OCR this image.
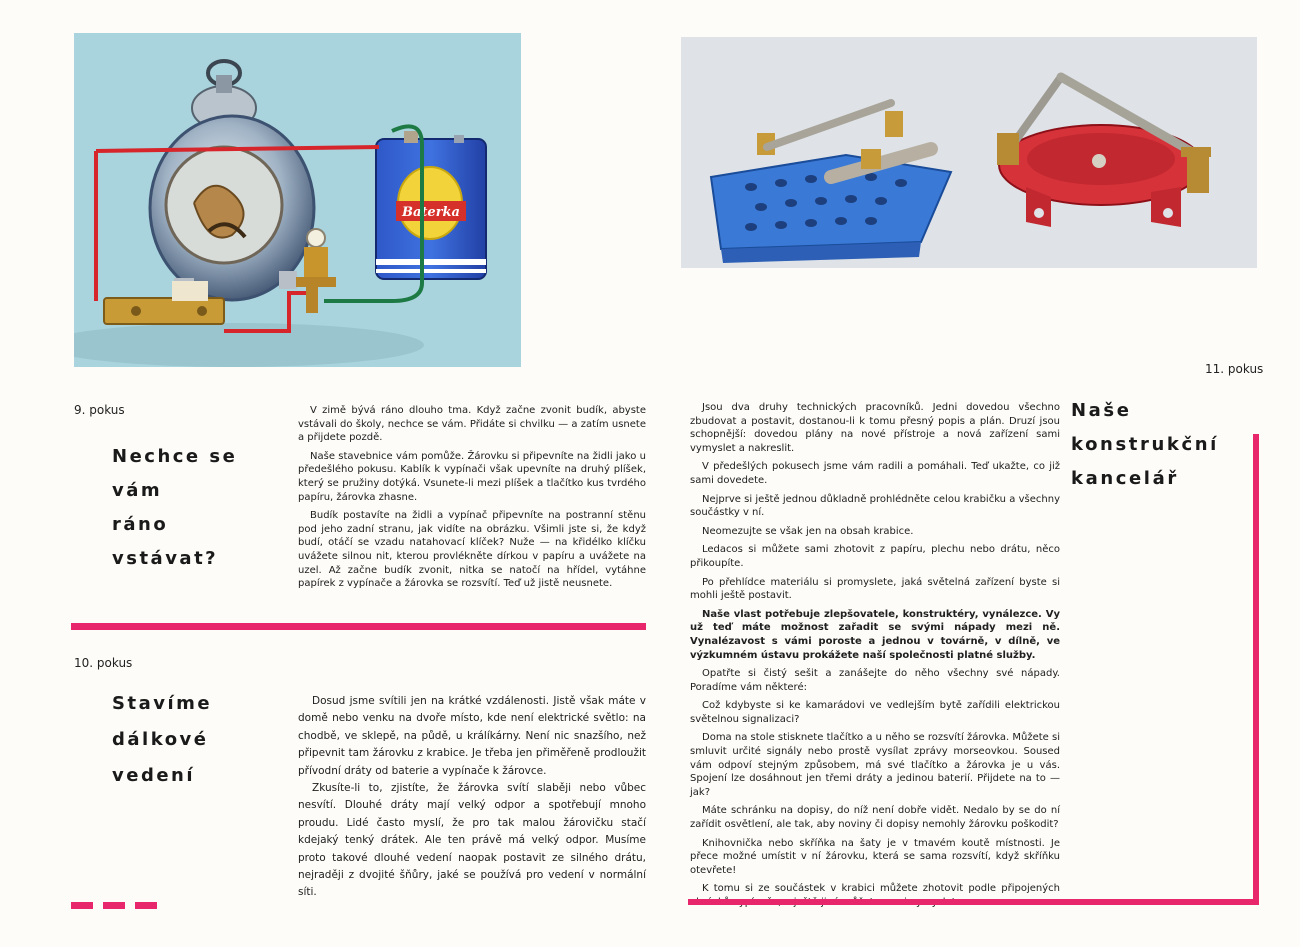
Baterka
9. pokus
Nechce se vám
ráno vstávat?

V zimě bývá ráno dlouho tma. Když začne zvonit budík, abyste vstávali do školy, nechce se vám. Přidáte si chvilku — a zatím usnete a přijdete pozdě.

Naše stavebnice vám pomůže. Žárovku si připevníte na židli jako u předešlého pokusu. Kablík k vypínači však upevníte na druhý plíšek, který se pružiny dotýká. Vsunete-li mezi plíšek a tlačítko kus tvrdého papíru, žárovka zhasne.

Budík postavíte na židli a vypínač připevníte na postranní stěnu pod jeho zadní stranu, jak vidíte na obrázku. Všimli jste si, že když budí, otáčí se vzadu natahovací klíček? Nuže — na křidélko klíčku uvážete silnou nit, kterou provlékněte dírkou v papíru a uvážete na uzel. Až začne budík zvonit, nitka se natočí na hřídel, vytáhne papírek z vypínače a žárovka se rozsvítí. Teď už jistě neusnete.

10. pokus
Stavíme
dálkové
vedení

Dosud jsme svítili jen na krátké vzdálenosti. Jistě však máte v domě nebo venku na dvoře místo, kde není elektrické světlo: na chodbě, ve sklepě, na půdě, u králíkárny. Není nic snazšího, než připevnit tam žárovku z krabice. Je třeba jen přiměřeně prodloužit přívodní dráty od baterie a vypínače k žárovce.

Zkusíte-li to, zjistíte, že žárovka svítí slaběji nebo vůbec nesvítí. Dlouhé dráty mají velký odpor a spotřebují mnoho proudu. Lidé často myslí, že pro tak malou žárovičku stačí kdejaký tenký drátek. Ale ten právě má velký odpor. Musíme proto takové dlouhé vedení naopak postavit ze silného drátu, nejraději z dvojité šňůry, jaké se používá pro vedení v normální síti.

11. pokus
Naše konstrukční
kancelář

Jsou dva druhy technických pracovníků. Jedni dovedou všechno zbudovat a postavit, dostanou-li k tomu přesný popis a plán. Druzí jsou schopnější: dovedou plány na nové přístroje a nová zařízení sami vymyslet a nakreslit.

V předešlých pokusech jsme vám radili a pomáhali. Teď ukažte, co již sami dovedete.

Nejprve si ještě jednou důkladně prohlédněte celou krabičku a všechny součástky v ní.

Neomezujte se však jen na obsah krabice.

Ledacos si můžete sami zhotovit z papíru, plechu nebo drátu, něco přikoupíte.

Po přehlídce materiálu si promyslete, jaká světelná zařízení byste si mohli ještě postavit.

Naše vlast potřebuje zlepšovatele, konstruktéry, vynálezce. Vy už teď máte možnost zařadit se svými nápady mezi ně. Vynalézavost s vámi poroste a jednou v továrně, v dílně, ve výzkumném ústavu prokážete naší společnosti platné služby.

Opatřte si čistý sešit a zanášejte do něho všechny své nápady. Poradíme vám některé:

Což kdybyste si ke kamarádovi ve vedlejším bytě zařídili elektrickou světelnou signalizaci?

Doma na stole stisknete tlačítko a u něho se rozsvítí žárovka. Můžete si smluvit určité signály nebo prostě vysílat zprávy morseovkou. Soused vám odpoví stejným způsobem, má své tlačítko a žárovka je u vás. Spojení lze dosáhnout jen třemi dráty a jedinou baterií. Přijdete na to — jak?

Máte schránku na dopisy, do níž není dobře vidět. Nedalo by se do ní zařídit osvětlení, ale tak, aby noviny či dopisy nemohly žárovku poškodit?

Knihovnička nebo skříňka na šaty je v tmavém koutě místnosti. Je přece možné umístit v ní žárovku, která se sama rozsvítí, když skříňku otevřete!

K tomu si ze součástek v krabici můžete zhotovit podle připojených
